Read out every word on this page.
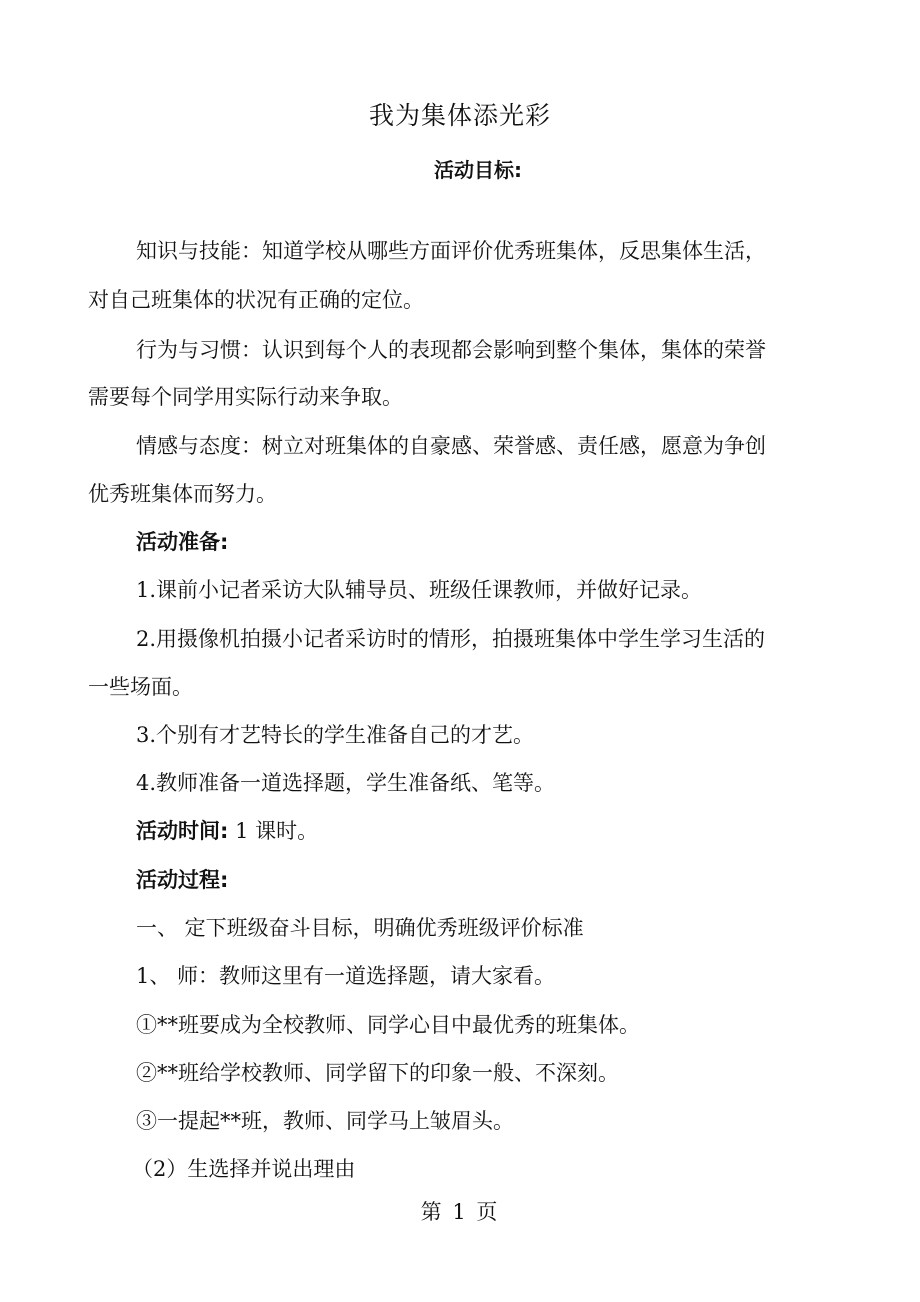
我为集体添光彩
活动目标:
知识与技能：知道学校从哪些方面评价优秀班集体，反思集体生活，
对自己班集体的状况有正确的定位。
行为与习惯：认识到每个人的表现都会影响到整个集体，集体的荣誉
需要每个同学用实际行动来争取。
情感与态度：树立对班集体的自豪感、荣誉感、责任感，愿意为争创
优秀班集体而努力。
活动准备:
1.课前小记者采访大队辅导员、班级任课教师，并做好记录。
2.用摄像机拍摄小记者采访时的情形，拍摄班集体中学生学习生活的
一些场面。
3.个别有才艺特长的学生准备自己的才艺。
4.教师准备一道选择题，学生准备纸、笔等。
活动时间: 1 课时。
活动过程:
一、 定下班级奋斗目标，明确优秀班级评价标准
1、 师：教师这里有一道选择题，请大家看。
①**班要成为全校教师、同学心目中最优秀的班集体。
②**班给学校教师、同学留下的印象一般、不深刻。
③一提起**班，教师、同学马上皱眉头。
（2）生选择并说出理由
第 1 页
